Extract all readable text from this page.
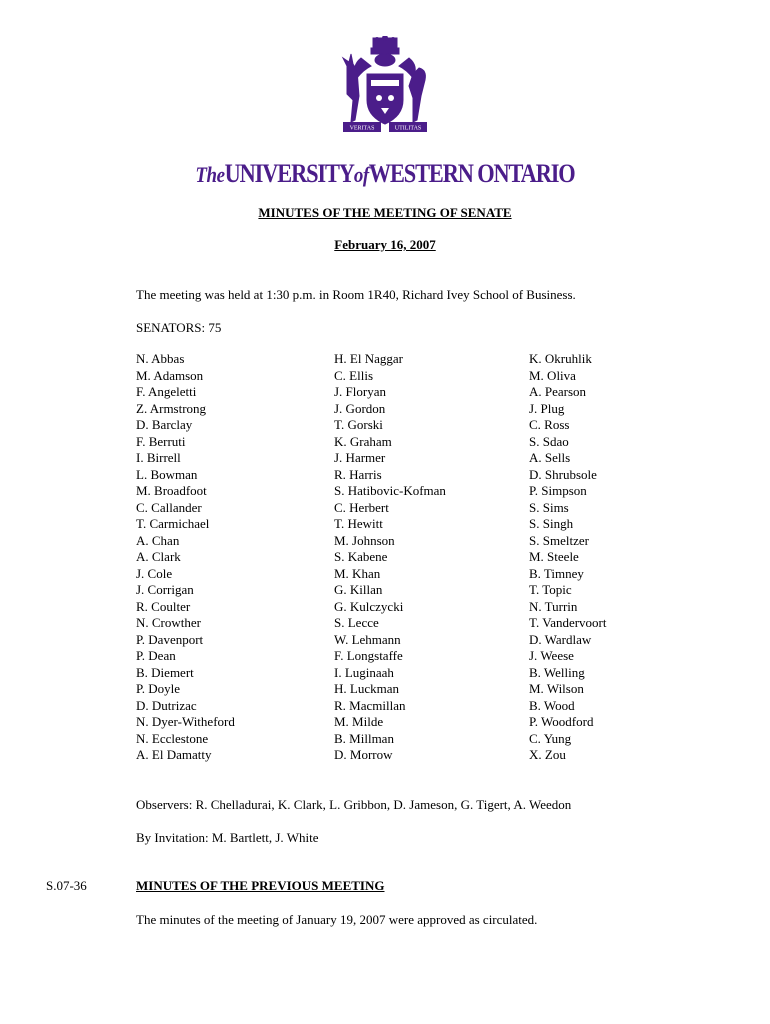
VERITAS	UTILITAS
TheUNIVERSITYofWESTERN ONTARIO
MINUTES OF THE MEETING OF SENATE
February 16, 2007
The meeting was held at 1:30 p.m. in Room 1R40, Richard Ivey School of Business.
SENATORS: 75
N. Abbas
M. Adamson
F. Angeletti
Z. Armstrong
D. Barclay
F. Berruti
I. Birrell
L. Bowman
M. Broadfoot
C. Callander
T. Carmichael
A. Chan
A. Clark
J. Cole
J. Corrigan
R. Coulter
N. Crowther
P. Davenport
P. Dean
B. Diemert
P. Doyle
D. Dutrizac
N. Dyer-Witheford
N. Ecclestone
A. El Damatty
H. El Naggar
C. Ellis
J. Floryan
J. Gordon
T. Gorski
K. Graham
J. Harmer
R. Harris
S. Hatibovic-Kofman
C. Herbert
T. Hewitt
M. Johnson
S. Kabene
M. Khan
G. Killan
G. Kulczycki
S. Lecce
W. Lehmann
F. Longstaffe
I. Luginaah
H. Luckman
R. Macmillan
M. Milde
B. Millman
D. Morrow
K. Okruhlik
M. Oliva
A. Pearson
J. Plug
C. Ross
S. Sdao
A. Sells
D. Shrubsole
P. Simpson
S. Sims
S. Singh
S. Smeltzer
M. Steele
B. Timney
T. Topic
N. Turrin
T. Vandervoort
D. Wardlaw
J. Weese
B. Welling
M. Wilson
B. Wood
P. Woodford
C. Yung
X. Zou
Observers: R. Chelladurai, K. Clark, L. Gribbon, D. Jameson, G. Tigert, A. Weedon
By Invitation: M. Bartlett, J. White
S.07-36	MINUTES OF THE PREVIOUS MEETING
The minutes of the meeting of January 19, 2007 were approved as circulated.
